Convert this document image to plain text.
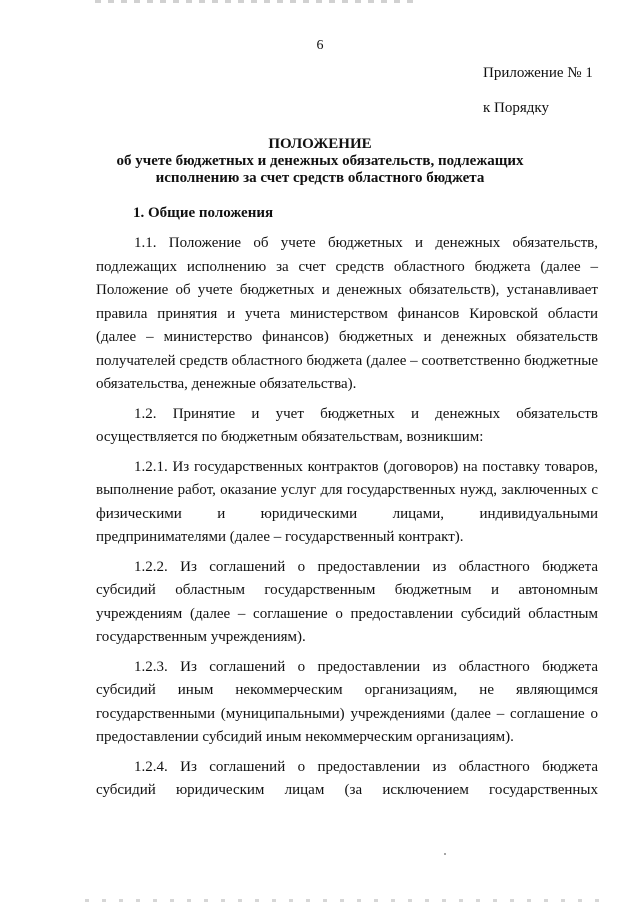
6
Приложение № 1
к Порядку
ПОЛОЖЕНИЕ
об учете бюджетных и денежных обязательств, подлежащих
исполнению за счет средств областного бюджета
1. Общие положения

1.1. Положение об учете бюджетных и денежных обязательств, подлежащих исполнению за счет средств областного бюджета (далее – Положение об учете бюджетных и денежных обязательств), устанавливает правила принятия и учета министерством финансов Кировской области (далее – министерство финансов) бюджетных и денежных обязательств получателей средств областного бюджета (далее – соответственно бюджетные обязательства, денежные обязательства).

1.2. Принятие и учет бюджетных и денежных обязательств осуществляется по бюджетным обязательствам, возникшим:

1.2.1. Из государственных контрактов (договоров) на поставку товаров, выполнение работ, оказание услуг для государственных нужд, заключенных с физическими и юридическими лицами, индивидуальными предпринимателями (далее – государственный контракт).

1.2.2. Из соглашений о предоставлении из областного бюджета субсидий областным государственным бюджетным и автономным учреждениям (далее – соглашение о предоставлении субсидий областным государственным учреждениям).

1.2.3. Из соглашений о предоставлении из областного бюджета субсидий иным некоммерческим организациям, не являющимся государственными (муниципальными) учреждениями (далее – соглашение о предоставлении субсидий иным некоммерческим организациям).

1.2.4. Из соглашений о предоставлении из областного бюджета субсидий юридическим лицам (за исключением государственных
